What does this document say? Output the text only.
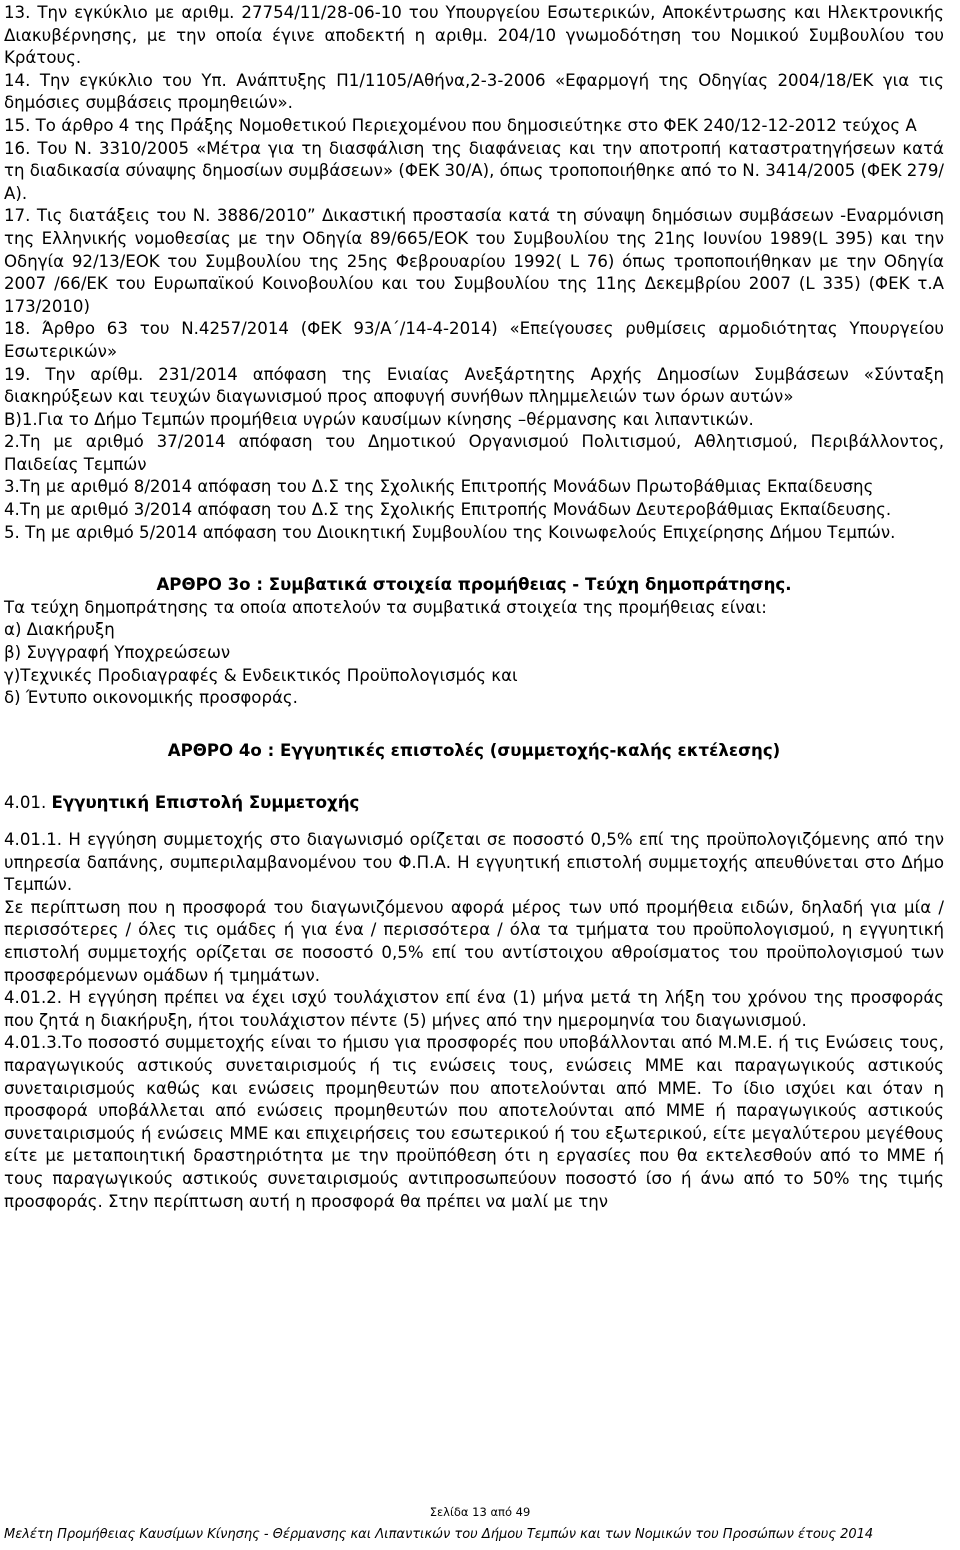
13. Την εγκύκλιο με αριθμ. 27754/11/28-06-10 του Υπουργείου Εσωτερικών, Αποκέντρωσης και Ηλεκτρονικής Διακυβέρνησης, με την οποία έγινε αποδεκτή η αριθμ. 204/10 γνωμοδότηση του Νομικού Συμβουλίου του Κράτους.

14. Την εγκύκλιο του Υπ. Ανάπτυξης Π1/1105/Αθήνα,2-3-2006 «Εφαρμογή της Οδηγίας 2004/18/ΕΚ για τις δημόσιες συμβάσεις προμηθειών».

15. Το άρθρο 4 της Πράξης Νομοθετικού Περιεχομένου που δημοσιεύτηκε στο ΦΕΚ 240/12-12-2012 τεύχος Α

16. Του Ν. 3310/2005 «Μέτρα για τη διασφάλιση της διαφάνειας και την αποτροπή καταστρατηγήσεων κατά τη διαδικασία σύναψης δημοσίων συμβάσεων» (ΦΕΚ 30/Α), όπως τροποποιήθηκε από το Ν. 3414/2005 (ΦΕΚ 279/Α).

17. Τις διατάξεις του Ν. 3886/2010” Δικαστική προστασία κατά τη σύναψη δημόσιων συμβάσεων -Εναρμόνιση της Ελληνικής νομοθεσίας με την Οδηγία 89/665/ΕΟΚ του Συμβουλίου της 21ης Ιουνίου 1989(L 395) και την Οδηγία 92/13/ΕΟΚ του Συμβουλίου της 25ης Φεβρουαρίου 1992( L 76) όπως τροποποιήθηκαν με την Οδηγία 2007 /66/ΕΚ του Ευρωπαϊκού Κοινοβουλίου και του Συμβουλίου της 11ης Δεκεμβρίου 2007 (L 335) (ΦΕΚ τ.Α 173/2010)

18. Άρθρο 63 του Ν.4257/2014 (ΦΕΚ 93/Α΄/14-4-2014) «Επείγουσες ρυθμίσεις αρμοδιότητας Υπουργείου Εσωτερικών»

19. Την αρίθμ. 231/2014 απόφαση της Ενιαίας Ανεξάρτητης Αρχής Δημοσίων Συμβάσεων «Σύνταξη διακηρύξεων και τευχών διαγωνισμού προς αποφυγή συνήθων πλημμελειών των όρων αυτών»

Β)1.Για το Δήμο Τεμπών προμήθεια υγρών καυσίμων κίνησης –θέρμανσης και λιπαντικών.

2.Τη με αριθμό 37/2014 απόφαση του Δημοτικού Οργανισμού Πολιτισμού, Αθλητισμού, Περιβάλλοντος, Παιδείας Τεμπών

3.Τη με αριθμό 8/2014 απόφαση του Δ.Σ της Σχολικής Επιτροπής Μονάδων Πρωτοβάθμιας Εκπαίδευσης

4.Τη με αριθμό 3/2014 απόφαση του Δ.Σ της Σχολικής Επιτροπής Μονάδων Δευτεροβάθμιας Εκπαίδευσης.

5. Τη με αριθμό 5/2014 απόφαση του Διοικητική Συμβουλίου της Κοινωφελούς Επιχείρησης Δήμου Τεμπών.

ΑΡΘΡΟ 3ο : Συμβατικά στοιχεία προμήθειας - Τεύχη δημοπράτησης.

Τα τεύχη δημοπράτησης τα οποία αποτελούν τα συμβατικά στοιχεία της προμήθειας είναι:

α) Διακήρυξη

β) Συγγραφή Υποχρεώσεων

γ)Τεχνικές Προδιαγραφές & Ενδεικτικός Προϋπολογισμός και

δ) Έντυπο οικονομικής προσφοράς.

ΑΡΘΡΟ 4ο : Εγγυητικές επιστολές (συμμετοχής-καλής εκτέλεσης)

4.01. Εγγυητική Επιστολή Συμμετοχής

4.01.1. Η εγγύηση συμμετοχής στο διαγωνισμό ορίζεται σε ποσοστό 0,5% επί της προϋπολογιζόμενης από την υπηρεσία δαπάνης, συμπεριλαμβανομένου του Φ.Π.Α. Η εγγυητική επιστολή συμμετοχής απευθύνεται στο Δήμο Τεμπών.

Σε περίπτωση που η προσφορά του διαγωνιζόμενου αφορά μέρος των υπό προμήθεια ειδών, δηλαδή για μία /περισσότερες / όλες τις ομάδες ή για ένα / περισσότερα / όλα τα τμήματα του προϋπολογισμού, η εγγυητική επιστολή συμμετοχής ορίζεται σε ποσοστό 0,5% επί του αντίστοιχου αθροίσματος του προϋπολογισμού των προσφερόμενων ομάδων ή τμημάτων.

4.01.2. Η εγγύηση πρέπει να έχει ισχύ τουλάχιστον επί ένα (1) μήνα μετά τη λήξη του χρόνου της προσφοράς που ζητά η διακήρυξη, ήτοι τουλάχιστον πέντε (5) μήνες από την ημερομηνία του διαγωνισμού.

4.01.3.Το ποσοστό συμμετοχής είναι το ήμισυ για προσφορές που υποβάλλονται από Μ.Μ.Ε. ή τις Ενώσεις τους, παραγωγικούς αστικούς συνεταιρισμούς ή τις ενώσεις τους, ενώσεις ΜΜΕ και παραγωγικούς αστικούς συνεταιρισμούς καθώς και ενώσεις προμηθευτών που αποτελούνται από ΜΜΕ. Το ίδιο ισχύει και όταν η προσφορά υποβάλλεται από ενώσεις προμηθευτών που αποτελούνται από ΜΜΕ ή παραγωγικούς αστικούς συνεταιρισμούς ή ενώσεις ΜΜΕ και επιχειρήσεις του εσωτερικού ή του εξωτερικού, είτε μεγαλύτερου μεγέθους είτε με μεταποιητική δραστηριότητα με την προϋπόθεση ότι η εργασίες που θα εκτελεσθούν από το ΜΜΕ ή τους παραγωγικούς αστικούς συνεταιρισμούς αντιπροσωπεύουν ποσοστό ίσο ή άνω από το 50% της τιμής προσφοράς. Στην περίπτωση αυτή η προσφορά θα πρέπει να μαλί με την

Σελίδα 13 από 49
Μελέτη Προμήθειας Καυσίμων Κίνησης - Θέρμανσης και Λιπαντικών του Δήμου Τεμπών και των Νομικών του Προσώπων έτους 2014
